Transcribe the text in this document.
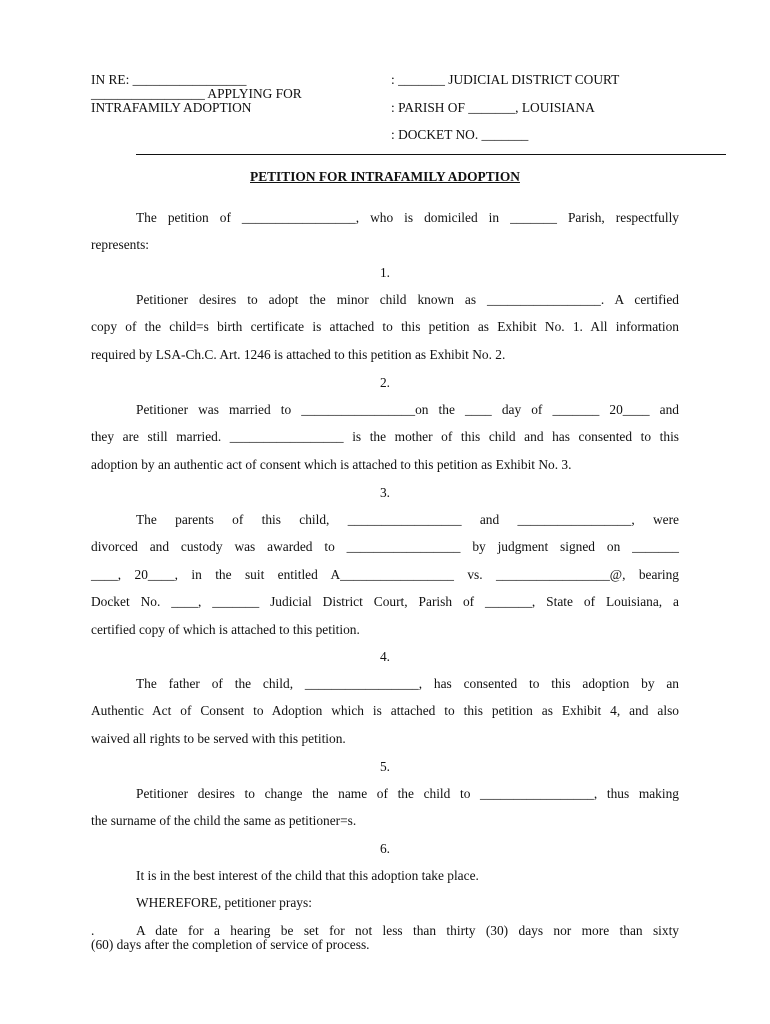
IN RE: _________________
_________________ APPLYING FOR
INTRAFAMILY ADOPTION
: _______ JUDICIAL DISTRICT COURT
: PARISH OF _______, LOUISIANA
: DOCKET NO. _______
PETITION FOR INTRAFAMILY ADOPTION
The petition of _________________, who is domiciled in _______ Parish, respectfully
represents:
1.
Petitioner desires to adopt the minor child known as _________________. A certified
copy of the child=s birth certificate is attached to this petition as Exhibit No. 1. All information
required by LSA-Ch.C. Art. 1246 is attached to this petition as Exhibit No. 2.
2.
Petitioner was married to _________________on the ____ day of _______ 20____ and
they are still married. _________________ is the mother of this child and has consented to this
adoption by an authentic act of consent which is attached to this petition as Exhibit No. 3.
3.
The parents of this child, _________________ and _________________, were
divorced and custody was awarded to _________________ by judgment signed on _______
____, 20____, in the suit entitled A_________________ vs. _________________@, bearing
Docket No. ____, _______ Judicial District Court, Parish of _______, State of Louisiana, a
certified copy of which is attached to this petition.
4.
The father of the child, _________________, has consented to this adoption by an
Authentic Act of Consent to Adoption which is attached to this petition as Exhibit 4, and also
waived all rights to be served with this petition.
5.
Petitioner desires to change the name of the child to _________________, thus making
the surname of the child the same as petitioner=s.
6.
It is in the best interest of the child that this adoption take place.
WHEREFORE, petitioner prays:
.	A date for a hearing be set for not less than thirty (30) days nor more than sixty
(60) days after the completion of service of process.
